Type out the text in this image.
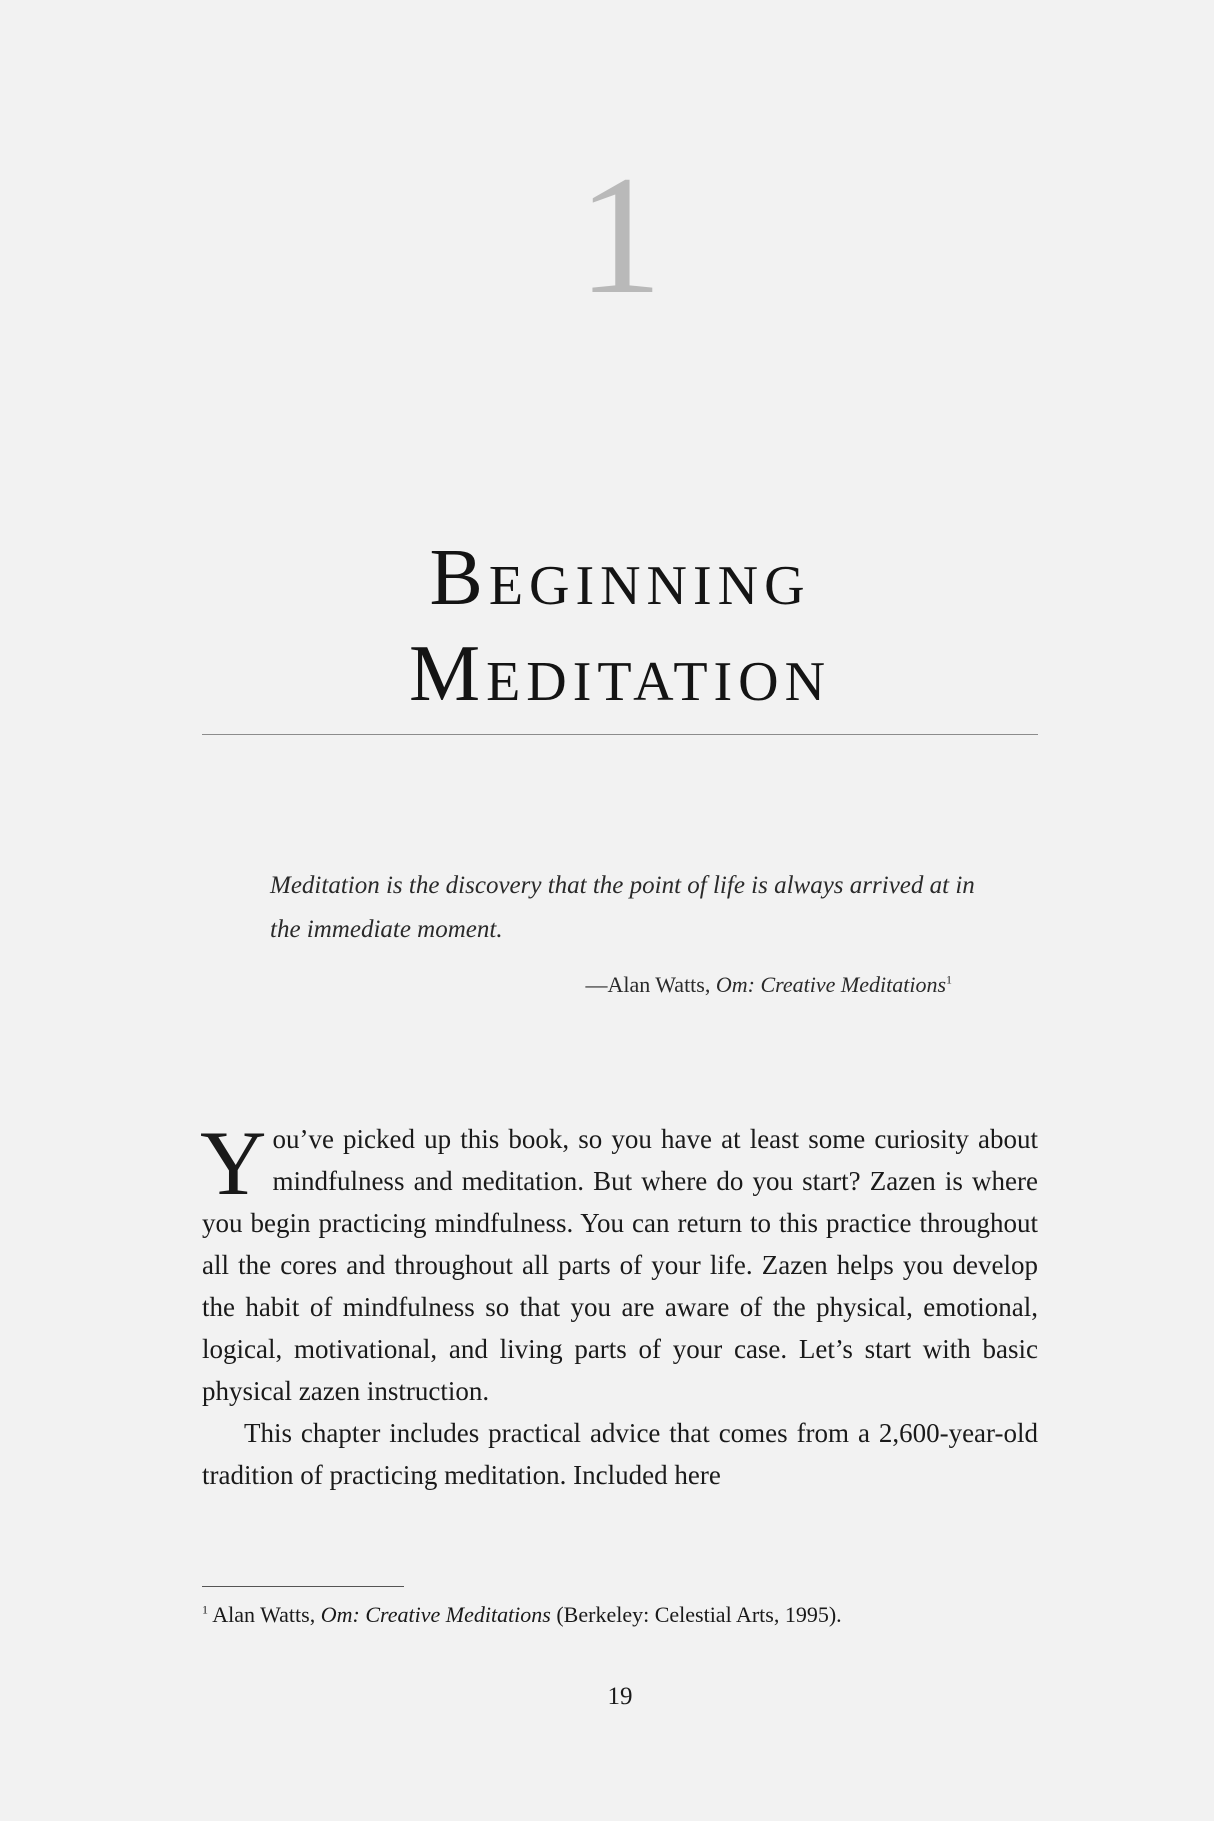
1
Beginning
Meditation
Meditation is the discovery that the point of life is always arrived at in the immediate moment.
—Alan Watts, Om: Creative Meditations$^1$

You’ve picked up this book, so you have at least some curiosity about mindfulness and meditation. But where do you start? Zazen is where you begin practicing mindfulness. You can return to this practice throughout all the cores and throughout all parts of your life. Zazen helps you develop the habit of mindfulness so that you are aware of the physical, emotional, logical, motivational, and living parts of your case. Let’s start with basic physical zazen instruction.

This chapter includes practical advice that comes from a 2,600-year-old tradition of practicing meditation. Included here

$^1$ Alan Watts, Om: Creative Meditations (Berkeley: Celestial Arts, 1995).
19
